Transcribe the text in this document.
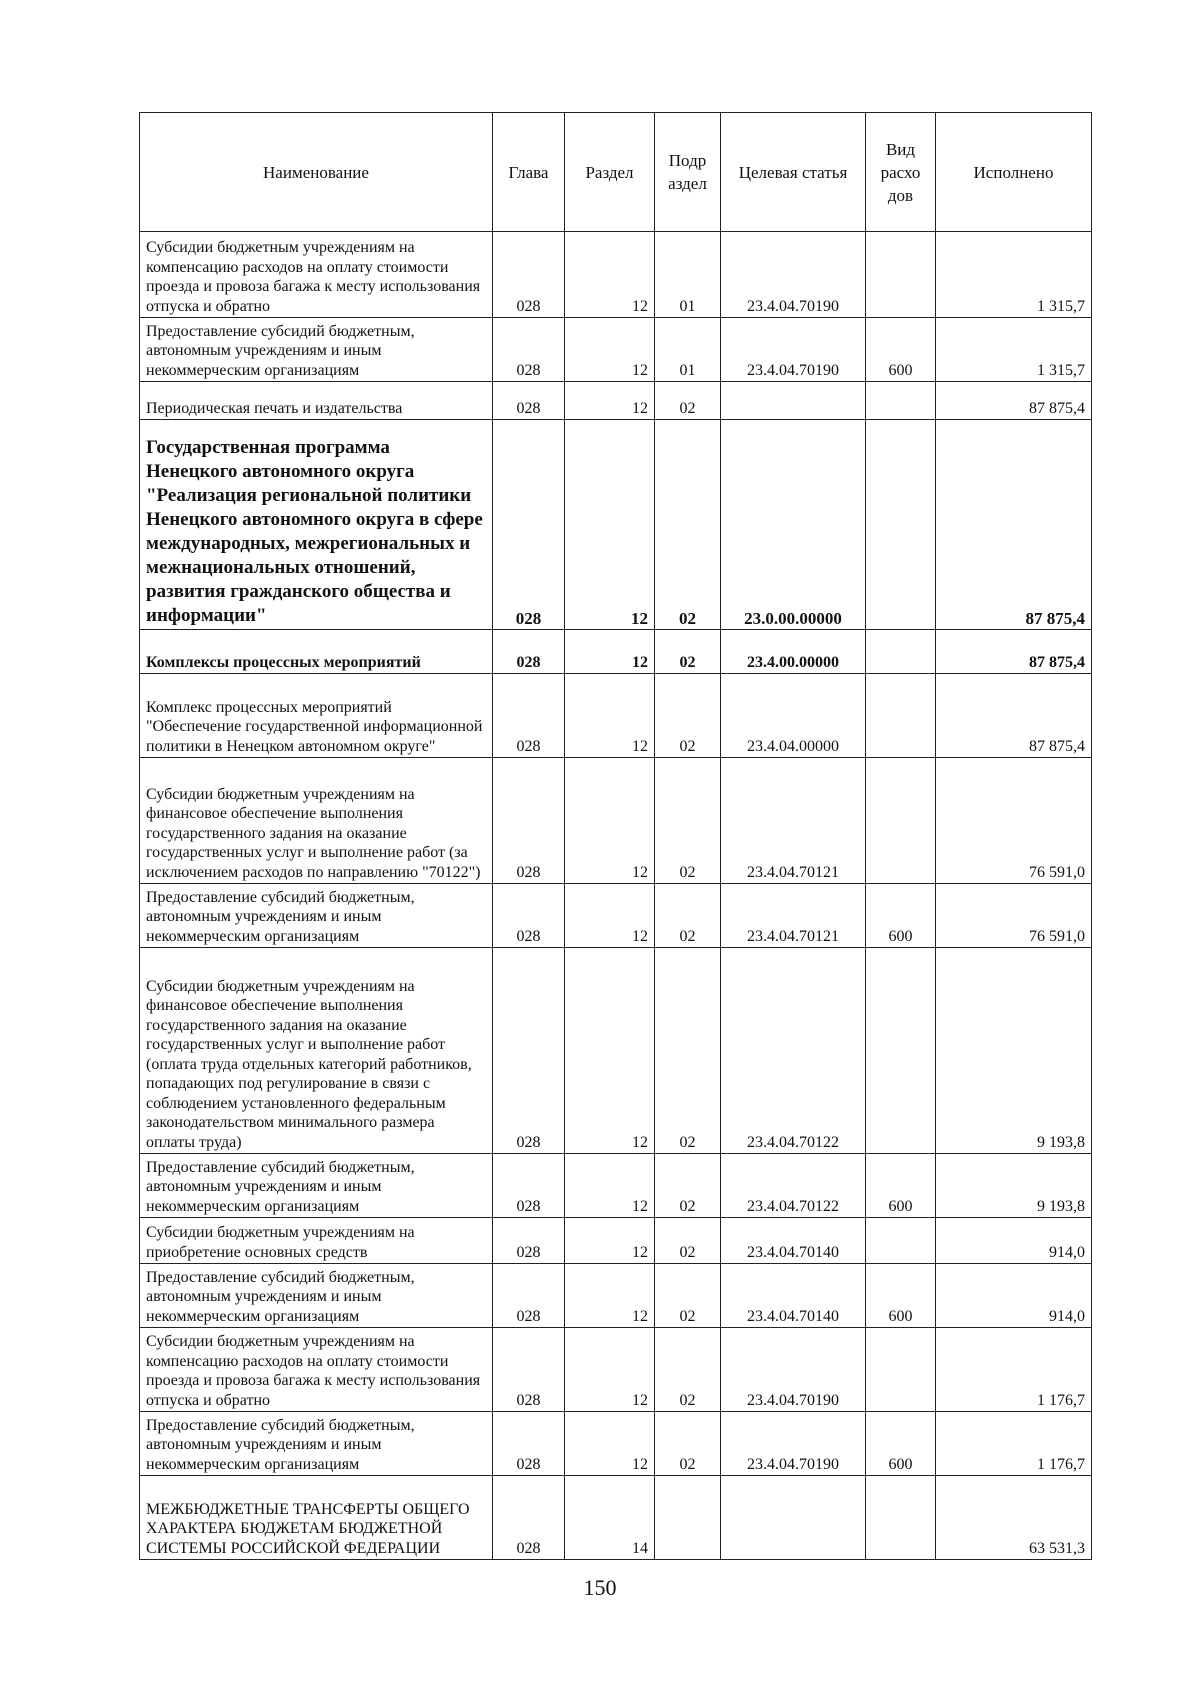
Наименование	Глава	Раздел	Подр аздел	Целевая статья	Вид расхо дов	Исполнено
Субсидии бюджетным учреждениям на компенсацию расходов на оплату стоимости проезда и провоза багажа к месту использования отпуска и обратно	028	12	01	23.4.04.70190		1 315,7
Предоставление субсидий бюджетным, автономным учреждениям и иным некоммерческим организациям	028	12	01	23.4.04.70190	600	1 315,7
Периодическая печать и издательства	028	12	02			87 875,4
Государственная программа Ненецкого автономного округа "Реализация региональной политики Ненецкого автономного округа в сфере международных, межрегиональных и межнациональных отношений, развития гражданского общества и информации"	028	12	02	23.0.00.00000		87 875,4
Комплексы процессных мероприятий	028	12	02	23.4.00.00000		87 875,4
Комплекс процессных мероприятий "Обеспечение государственной информационной политики в Ненецком автономном округе"	028	12	02	23.4.04.00000		87 875,4
Субсидии бюджетным учреждениям на финансовое обеспечение выполнения государственного задания на оказание государственных услуг и выполнение работ (за исключением расходов по направлению "70122")	028	12	02	23.4.04.70121		76 591,0
Предоставление субсидий бюджетным, автономным учреждениям и иным некоммерческим организациям	028	12	02	23.4.04.70121	600	76 591,0
Субсидии бюджетным учреждениям на финансовое обеспечение выполнения государственного задания на оказание государственных услуг и выполнение работ (оплата труда отдельных категорий работников, попадающих под регулирование в связи с соблюдением установленного федеральным законодательством минимального размера оплаты труда)	028	12	02	23.4.04.70122		9 193,8
Предоставление субсидий бюджетным, автономным учреждениям и иным некоммерческим организациям	028	12	02	23.4.04.70122	600	9 193,8
Субсидии бюджетным учреждениям на приобретение основных средств	028	12	02	23.4.04.70140		914,0
Предоставление субсидий бюджетным, автономным учреждениям и иным некоммерческим организациям	028	12	02	23.4.04.70140	600	914,0
Субсидии бюджетным учреждениям на компенсацию расходов на оплату стоимости проезда и провоза багажа к месту использования отпуска и обратно	028	12	02	23.4.04.70190		1 176,7
Предоставление субсидий бюджетным, автономным учреждениям и иным некоммерческим организациям	028	12	02	23.4.04.70190	600	1 176,7
МЕЖБЮДЖЕТНЫЕ ТРАНСФЕРТЫ ОБЩЕГО ХАРАКТЕРА БЮДЖЕТАМ БЮДЖЕТНОЙ СИСТЕМЫ РОССИЙСКОЙ ФЕДЕРАЦИИ	028	14				63 531,3
150
